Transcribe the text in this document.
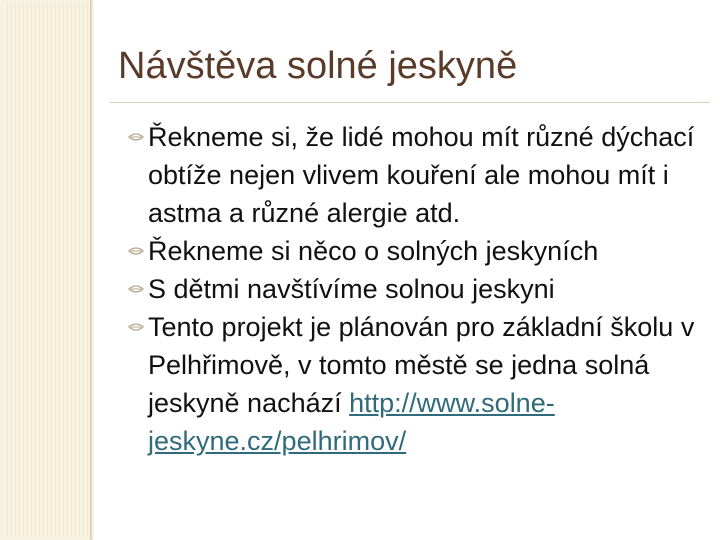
Návštěva solné jeskyně

Řekneme si, že lidé mohou mít různé dýchací obtíže nejen vlivem kouření ale mohou mít i astma a různé alergie atd.

Řekneme si něco o solných jeskyních

S dětmi navštívíme solnou jeskyni

Tento projekt je plánován pro základní školu v Pelhřimově, v tomto městě se jedna solná jeskyně nachází http://www.solne-jeskyne.cz/pelhrimov/
